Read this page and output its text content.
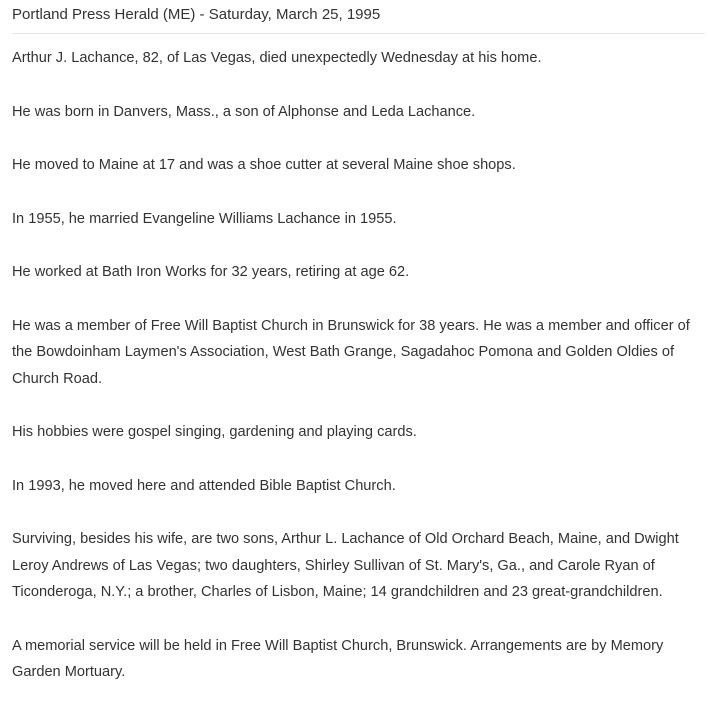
Portland Press Herald (ME) - Saturday, March 25, 1995

Arthur J. Lachance, 82, of Las Vegas, died unexpectedly Wednesday at his home.

He was born in Danvers, Mass., a son of Alphonse and Leda Lachance.

He moved to Maine at 17 and was a shoe cutter at several Maine shoe shops.

In 1955, he married Evangeline Williams Lachance in 1955.

He worked at Bath Iron Works for 32 years, retiring at age 62.

He was a member of Free Will Baptist Church in Brunswick for 38 years. He was a member and officer of the Bowdoinham Laymen's Association, West Bath Grange, Sagadahoc Pomona and Golden Oldies of Church Road.

His hobbies were gospel singing, gardening and playing cards.

In 1993, he moved here and attended Bible Baptist Church.

Surviving, besides his wife, are two sons, Arthur L. Lachance of Old Orchard Beach, Maine, and Dwight Leroy Andrews of Las Vegas; two daughters, Shirley Sullivan of St. Mary's, Ga., and Carole Ryan of Ticonderoga, N.Y.; a brother, Charles of Lisbon, Maine; 14 grandchildren and 23 great-grandchildren.

A memorial service will be held in Free Will Baptist Church, Brunswick. Arrangements are by Memory Garden Mortuary.
